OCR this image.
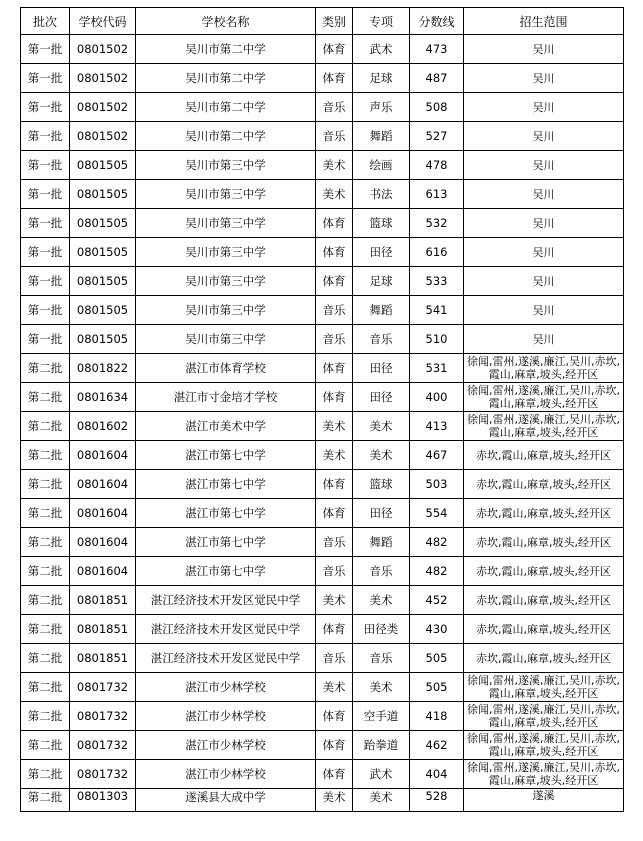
批次	学校代码	学校名称	类别	专项	分数线	招生范围
第一批	0801502	吴川市第二中学	体育	武术	473	吴川
第一批	0801502	吴川市第二中学	体育	足球	487	吴川
第一批	0801502	吴川市第二中学	音乐	声乐	508	吴川
第一批	0801502	吴川市第二中学	音乐	舞蹈	527	吴川
第一批	0801505	吴川市第三中学	美术	绘画	478	吴川
第一批	0801505	吴川市第三中学	美术	书法	613	吴川
第一批	0801505	吴川市第三中学	体育	篮球	532	吴川
第一批	0801505	吴川市第三中学	体育	田径	616	吴川
第一批	0801505	吴川市第三中学	体育	足球	533	吴川
第一批	0801505	吴川市第三中学	音乐	舞蹈	541	吴川
第一批	0801505	吴川市第三中学	音乐	音乐	510	吴川
第二批	0801822	湛江市体育学校	体育	田径	531	徐闻,雷州,遂溪,廉江,吴川,赤坎,霞山,麻章,坡头,经开区
第二批	0801634	湛江市寸金培才学校	体育	田径	400	徐闻,雷州,遂溪,廉江,吴川,赤坎,霞山,麻章,坡头,经开区
第二批	0801602	湛江市美术中学	美术	美术	413	徐闻,雷州,遂溪,廉江,吴川,赤坎,霞山,麻章,坡头,经开区
第二批	0801604	湛江市第七中学	美术	美术	467	赤坎,霞山,麻章,坡头,经开区
第二批	0801604	湛江市第七中学	体育	篮球	503	赤坎,霞山,麻章,坡头,经开区
第二批	0801604	湛江市第七中学	体育	田径	554	赤坎,霞山,麻章,坡头,经开区
第二批	0801604	湛江市第七中学	音乐	舞蹈	482	赤坎,霞山,麻章,坡头,经开区
第二批	0801604	湛江市第七中学	音乐	音乐	482	赤坎,霞山,麻章,坡头,经开区
第二批	0801851	湛江经济技术开发区觉民中学	美术	美术	452	赤坎,霞山,麻章,坡头,经开区
第二批	0801851	湛江经济技术开发区觉民中学	体育	田径类	430	赤坎,霞山,麻章,坡头,经开区
第二批	0801851	湛江经济技术开发区觉民中学	音乐	音乐	505	赤坎,霞山,麻章,坡头,经开区
第二批	0801732	湛江市少林学校	美术	美术	505	徐闻,雷州,遂溪,廉江,吴川,赤坎,霞山,麻章,坡头,经开区
第二批	0801732	湛江市少林学校	体育	空手道	418	徐闻,雷州,遂溪,廉江,吴川,赤坎,霞山,麻章,坡头,经开区
第二批	0801732	湛江市少林学校	体育	跆拳道	462	徐闻,雷州,遂溪,廉江,吴川,赤坎,霞山,麻章,坡头,经开区
第二批	0801732	湛江市少林学校	体育	武术	404	徐闻,雷州,遂溪,廉江,吴川,赤坎,霞山,麻章,坡头,经开区
第二批	0801303	遂溪县大成中学	美术	美术	528	遂溪
